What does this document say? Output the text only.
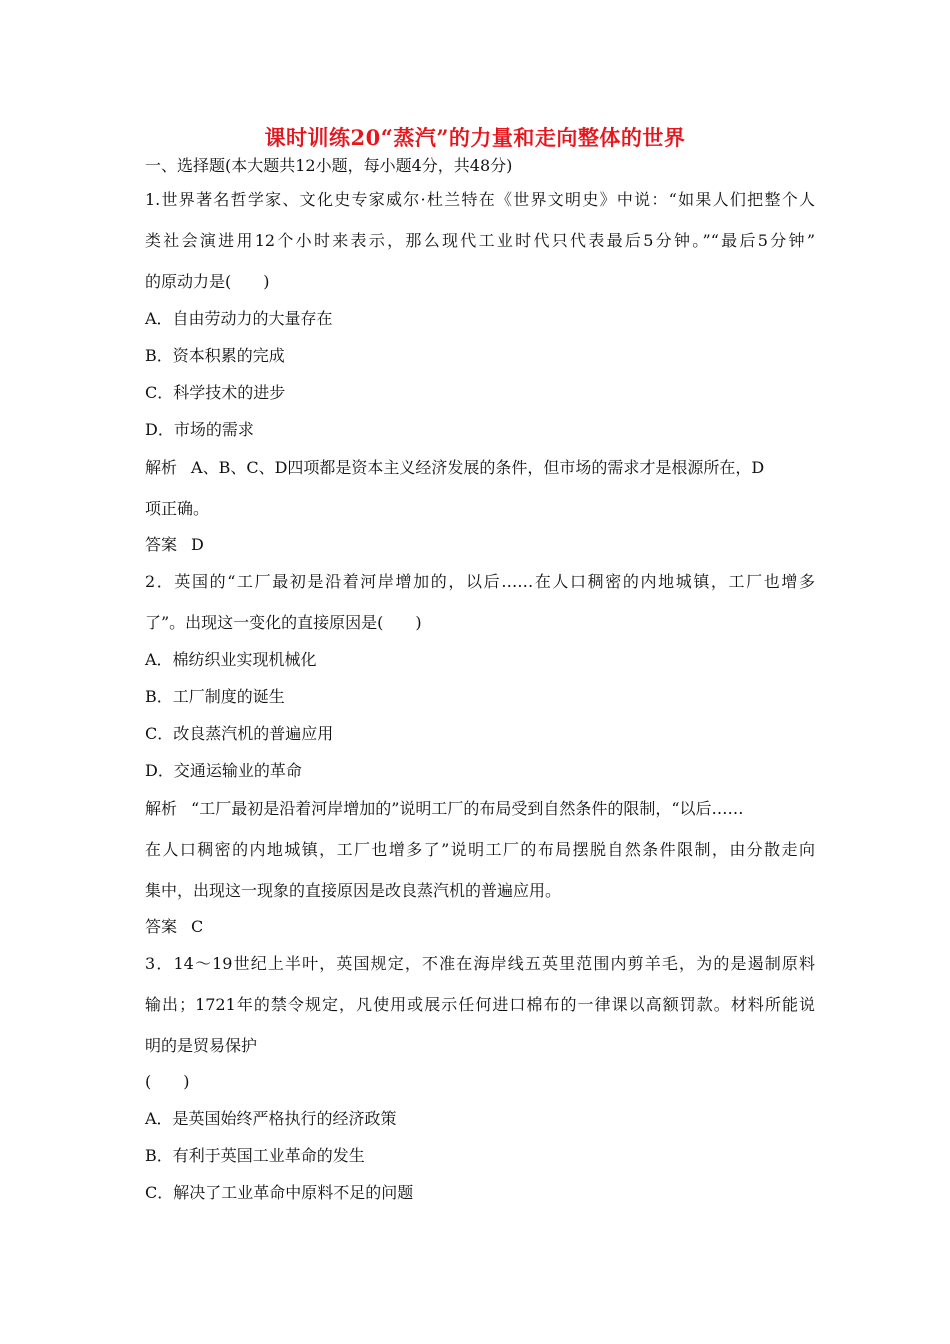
课时训练20“蒸汽”的力量和走向整体的世界
一、选择题(本大题共12小题，每小题4分，共48分)
1.世界著名哲学家、文化史专家威尔·杜兰特在《世界文明史》中说：“如果人们把整个人
类社会演进用12个小时来表示，那么现代工业时代只代表最后5分钟。”“最后5分钟”
的原动力是(　　)
A．自由劳动力的大量存在
B．资本积累的完成
C．科学技术的进步
D．市场的需求
解析 A、B、C、D四项都是资本主义经济发展的条件，但市场的需求才是根源所在，D
项正确。
答案 D
2．英国的“工厂最初是沿着河岸增加的，以后……在人口稠密的内地城镇，工厂也增多
了”。出现这一变化的直接原因是(　　)
A．棉纺织业实现机械化
B．工厂制度的诞生
C．改良蒸汽机的普遍应用
D．交通运输业的革命
解析 “工厂最初是沿着河岸增加的”说明工厂的布局受到自然条件的限制，“以后……
在人口稠密的内地城镇，工厂也增多了”说明工厂的布局摆脱自然条件限制，由分散走向
集中，出现这一现象的直接原因是改良蒸汽机的普遍应用。
答案 C
3．14～19世纪上半叶，英国规定，不准在海岸线五英里范围内剪羊毛，为的是遏制原料
输出；1721年的禁令规定，凡使用或展示任何进口棉布的一律课以高额罚款。材料所能说
明的是贸易保护
(　　)
A．是英国始终严格执行的经济政策
B．有利于英国工业革命的发生
C．解决了工业革命中原料不足的问题
